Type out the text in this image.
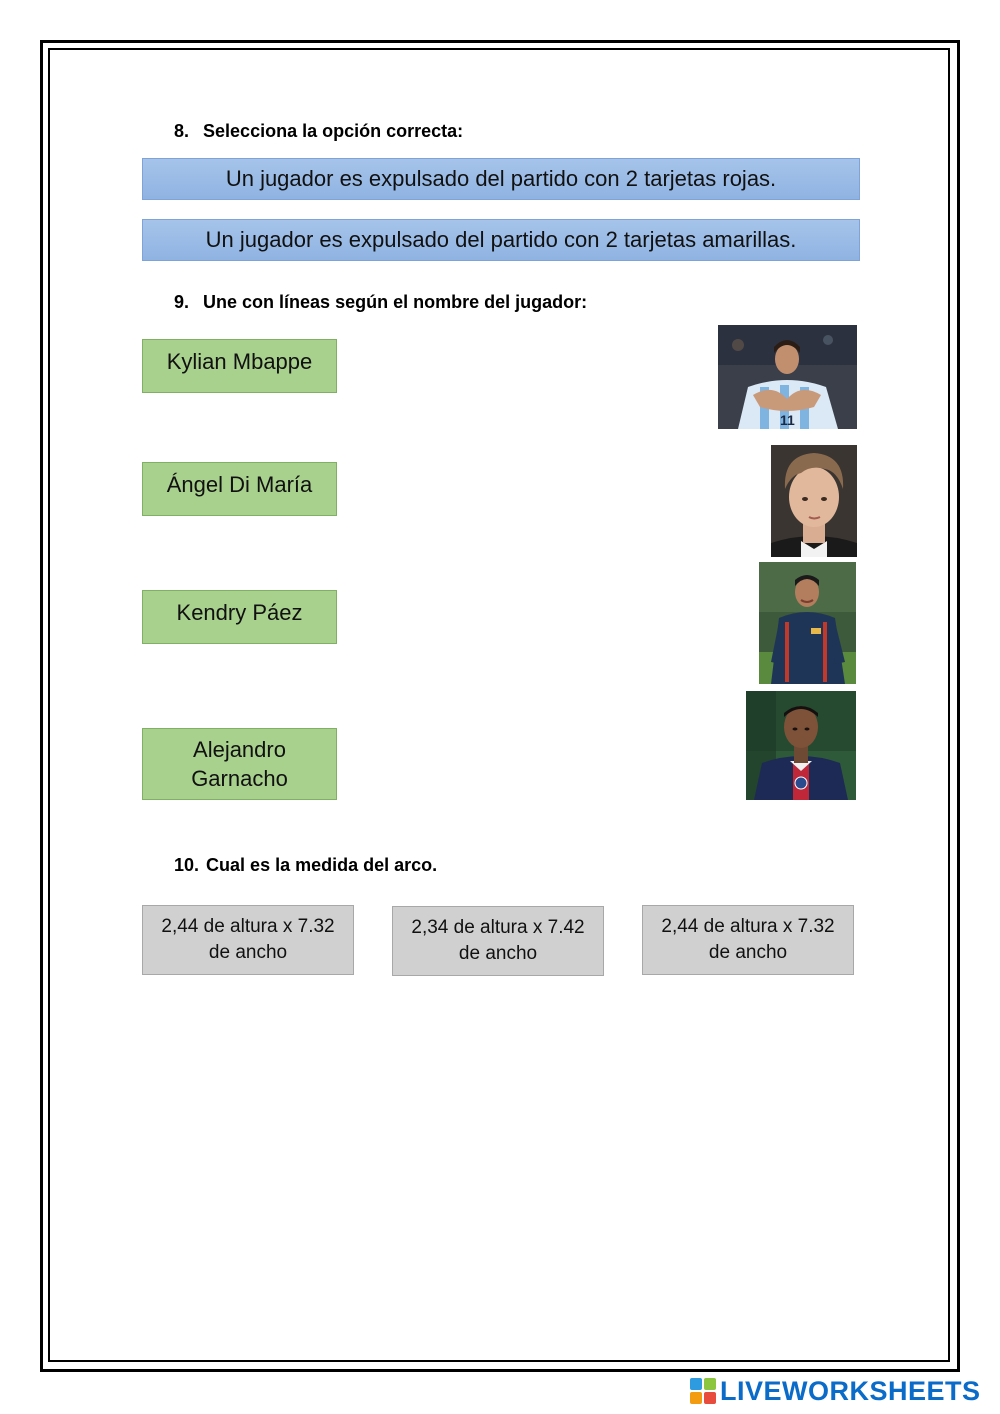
8. Selecciona la opción correcta:
Un jugador es expulsado del partido con 2 tarjetas rojas.
Un jugador es expulsado del partido con 2 tarjetas amarillas.
9. Une con líneas según el nombre del jugador:
Kylian Mbappe
Ángel Di María
Kendry Páez
Alejandro Garnacho
11
10. Cual es la medida del arco.
2,44 de altura x 7.32 de ancho
2,34 de altura x 7.42 de ancho
2,44 de altura x 7.32 de ancho
LIVEWORKSHEETS
